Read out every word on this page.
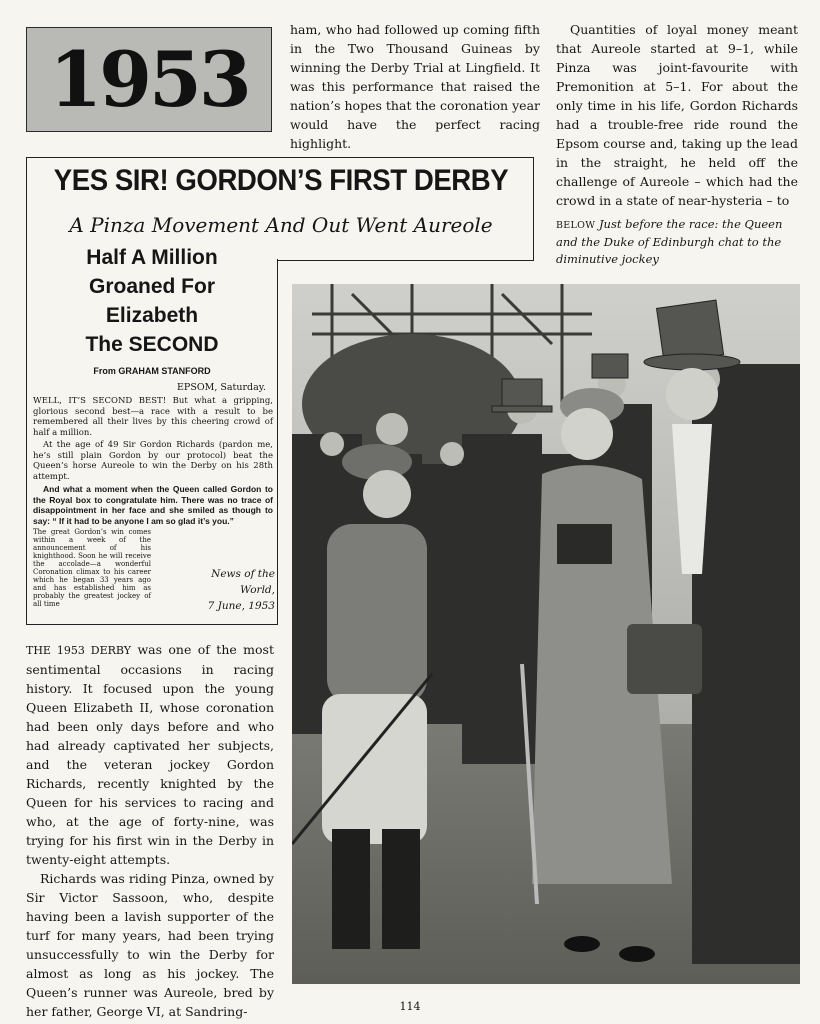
1953

ham, who had followed up coming fifth in the Two Thousand Guineas by winning the Derby Trial at Lingfield. It was this performance that raised the nation’s hopes that the coronation year would have the perfect racing highlight.

Quantities of loyal money meant that Aureole started at 9–1, while Pinza was joint-favourite with Premonition at 5–1. For about the only time in his life, Gordon Richards had a trouble-free ride round the Epsom course and, taking up the lead in the straight, he held off the challenge of Aureole – which had the crowd in a state of near-hysteria – to

BELOW Just before the race: the Queen and the Duke of Edinburgh chat to the diminutive jockey
YES SIR! GORDON’S FIRST DERBY
A Pinza Movement And Out Went Aureole
Half A Million
Groaned For
Elizabeth
The SECOND
From GRAHAM STANFORD
EPSOM, Saturday.

WELL, IT’S SECOND BEST! But what a gripping, glorious second best—a race with a result to be remembered all their lives by this cheering crowd of half a million.

At the age of 49 Sir Gordon Richards (pardon me, he’s still plain Gordon by our protocol) beat the Queen’s horse Aureole to win the Derby on his 28th attempt.

And what a moment when the Queen called Gordon to the Royal box to congratulate him. There was no trace of disappointment in her face and she smiled as though to say: “ If it had to be anyone I am so glad it’s you.”

The great Gordon’s win comes within a week of the announcement of his knighthood. Soon he will receive the accolade—a wonderful Coronation climax to his career which he began 33 years ago and has established him as probably the greatest jockey of all time

News of the World,
7 June, 1953

THE 1953 DERBY was one of the most sentimental occasions in racing history. It focused upon the young Queen Elizabeth II, whose coronation had been only days before and who had already captivated her subjects, and the veteran jockey Gordon Richards, recently knighted by the Queen for his services to racing and who, at the age of forty-nine, was trying for his first win in the Derby in twenty-eight attempts.

Richards was riding Pinza, owned by Sir Victor Sassoon, who, despite having been a lavish supporter of the turf for many years, had been trying unsuccessfully to win the Derby for almost as long as his jockey. The Queen’s runner was Aureole, bred by her father, George VI, at Sandring-	114
